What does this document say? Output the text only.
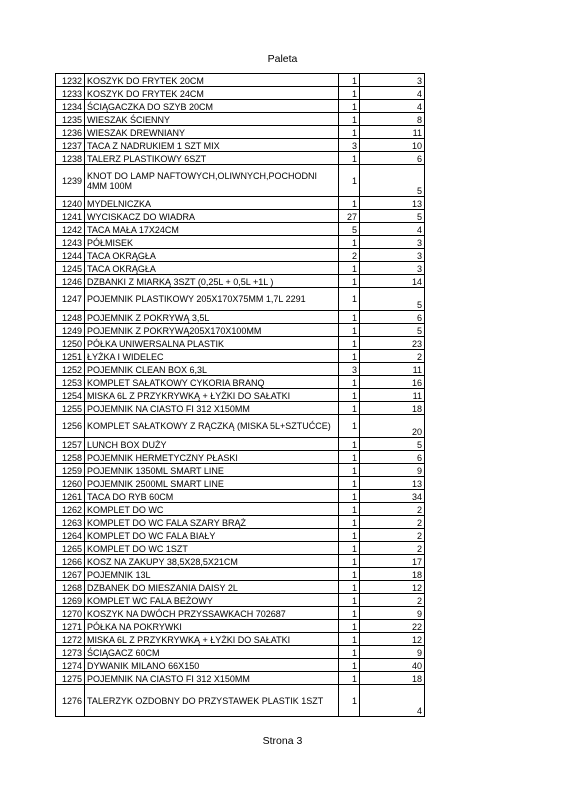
Paleta
1232	KOSZYK DO FRYTEK 20CM	1	3
1233	KOSZYK DO FRYTEK 24CM	1	4
1234	ŚCIĄGACZKA DO SZYB 20CM	1	4
1235	WIESZAK ŚCIENNY	1	8
1236	WIESZAK DREWNIANY	1	11
1237	TACA Z NADRUKIEM 1 SZT MIX	3	10
1238	TALERZ PLASTIKOWY 6SZT	1	6
1239	KNOT DO LAMP NAFTOWYCH,OLIWNYCH,POCHODNI 4MM 100M	1	5
1240	MYDELNICZKA	1	13
1241	WYCISKACZ DO WIADRA	27	5
1242	TACA MAŁA 17X24CM	5	4
1243	PÓŁMISEK	1	3
1244	TACA OKRĄGŁA	2	3
1245	TACA OKRĄGŁA	1	3
1246	DZBANKI Z MIARKĄ 3SZT (0,25L + 0,5L +1L )	1	14
1247	POJEMNIK PLASTIKOWY 205X170X75MM 1,7L 2291	1	5
1248	POJEMNIK Z POKRYWĄ 3,5L	1	6
1249	POJEMNIK Z POKRYWĄ205X170X100MM	1	5
1250	PÓŁKA UNIWERSALNA PLASTIK	1	23
1251	ŁYŻKA I WIDELEC	1	2
1252	POJEMNIK CLEAN BOX 6,3L	3	11
1253	KOMPLET SAŁATKOWY CYKORIA BRANQ	1	16
1254	MISKA 6L Z PRZYKRYWKĄ + ŁYŻKI DO SAŁATKI	1	11
1255	POJEMNIK NA CIASTO FI 312 X150MM	1	18
1256	KOMPLET SAŁATKOWY Z RĄCZKĄ (MISKA 5L+SZTUĆCE)	1	20
1257	LUNCH BOX DUŻY	1	5
1258	POJEMNIK HERMETYCZNY PŁASKI	1	6
1259	POJEMNIK 1350ML SMART LINE	1	9
1260	POJEMNIK 2500ML SMART LINE	1	13
1261	TACA DO RYB 60CM	1	34
1262	KOMPLET DO WC	1	2
1263	KOMPLET DO WC FALA SZARY BRĄŻ	1	2
1264	KOMPLET DO WC FALA BIAŁY	1	2
1265	KOMPLET DO WC 1SZT	1	2
1266	KOSZ NA ZAKUPY 38,5X28,5X21CM	1	17
1267	POJEMNIK 13L	1	18
1268	DZBANEK DO MIESZANIA DAISY 2L	1	12
1269	KOMPLET WC FALA BEŻOWY	1	2
1270	KOSZYK NA DWÓCH PRZYSSAWKACH 702687	1	9
1271	PÓŁKA NA POKRYWKI	1	22
1272	MISKA 6L Z PRZYKRYWKĄ + ŁYŻKI DO SAŁATKI	1	12
1273	ŚCIĄGACZ 60CM	1	9
1274	DYWANIK MILANO 66X150	1	40
1275	POJEMNIK NA CIASTO FI 312 X150MM	1	18
1276	TALERZYK OZDOBNY DO PRZYSTAWEK PLASTIK 1SZT	1	4
Strona 3
